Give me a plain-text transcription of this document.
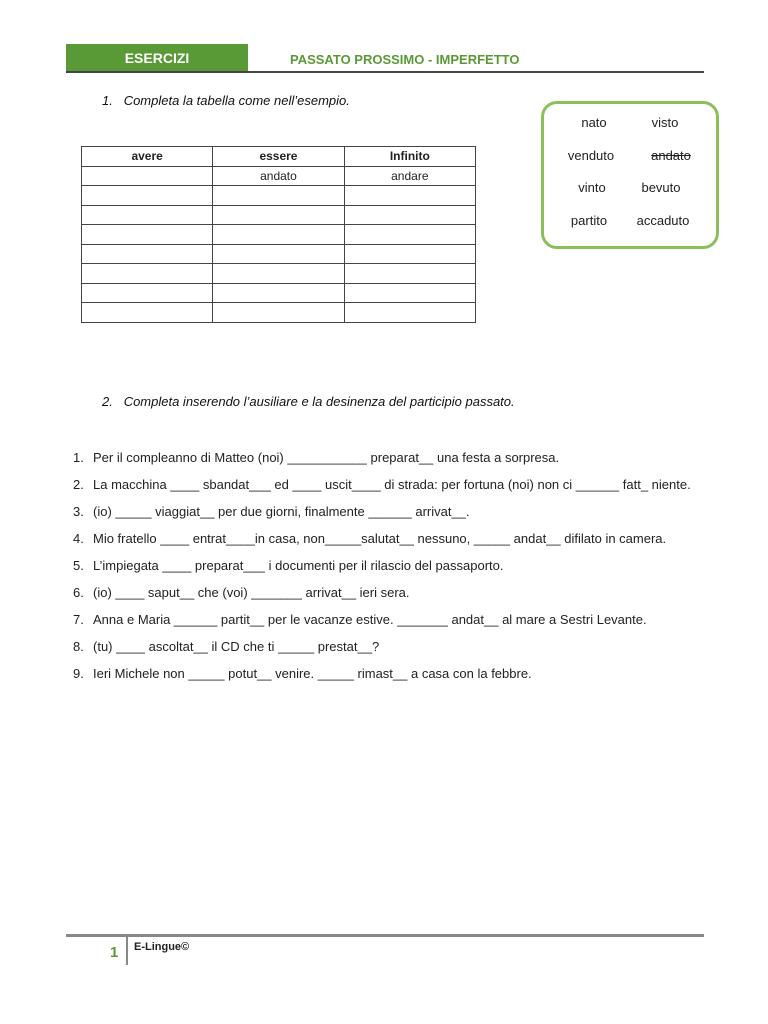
ESERCIZI	PASSATO PROSSIMO - IMPERFETTO
1. Completa la tabella come nell’esempio.
avere	essere	Infinito
	andato	andare

nato	visto
venduto	andato
vinto	bevuto
partito	accaduto
2. Completa inserendo l’ausiliare e la desinenza del participio passato.
1. Per il compleanno di Matteo (noi) ___________ preparat__ una festa a sorpresa.
2. La macchina ____ sbandat___ ed ____ uscit____ di strada: per fortuna (noi) non ci ______ fatt_ niente.
3. (io) _____ viaggiat__ per due giorni, finalmente ______ arrivat__.
4. Mio fratello ____ entrat____in casa, non_____salutat__ nessuno, _____ andat__ difilato in camera.
5. L’impiegata ____ preparat___ i documenti per il rilascio del passaporto.
6. (io) ____ saput__ che (voi) _______ arrivat__ ieri sera.
7. Anna e Maria ______ partit__ per le vacanze estive. _______ andat__ al mare a Sestri Levante.
8. (tu) ____ ascoltat__ il CD che ti _____ prestat__?
9. Ieri Michele non _____ potut__ venire. _____ rimast__ a casa con la febbre.
1 E-Lingue©
